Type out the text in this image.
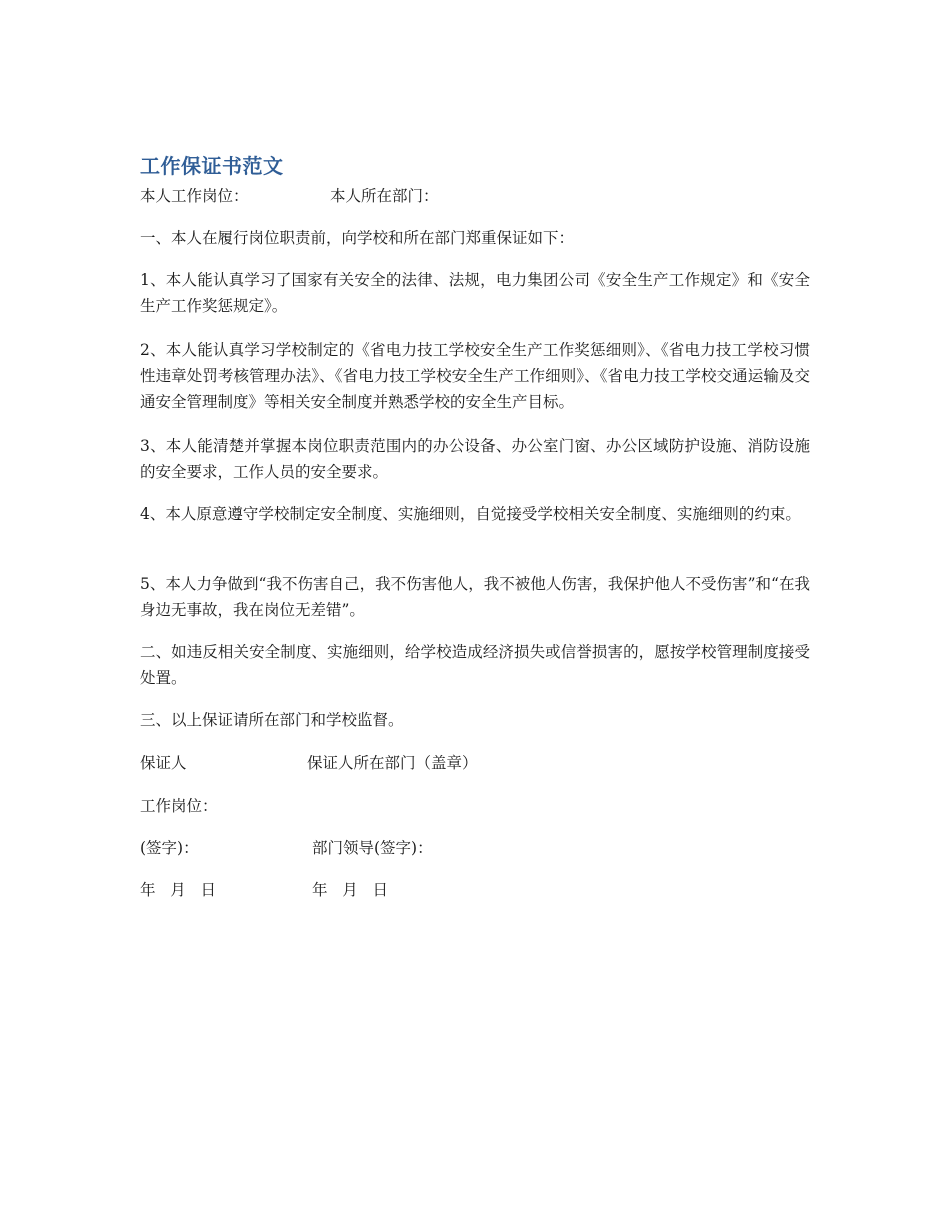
工作保证书范文
本人工作岗位：	本人所在部门：
一、本人在履行岗位职责前，向学校和所在部门郑重保证如下：
1、本人能认真学习了国家有关安全的法律、法规，电力集团公司《安全生产工作规定》和《安全生产工作奖惩规定》。
2、本人能认真学习学校制定的《省电力技工学校安全生产工作奖惩细则》、《省电力技工学校习惯性违章处罚考核管理办法》、《省电力技工学校安全生产工作细则》、《省电力技工学校交通运输及交通安全管理制度》等相关安全制度并熟悉学校的安全生产目标。
3、本人能清楚并掌握本岗位职责范围内的办公设备、办公室门窗、办公区域防护设施、消防设施的安全要求，工作人员的安全要求。
4、本人原意遵守学校制定安全制度、实施细则，自觉接受学校相关安全制度、实施细则的约束。
5、本人力争做到“我不伤害自己，我不伤害他人，我不被他人伤害，我保护他人不受伤害”和“在我身边无事故，我在岗位无差错”。
二、如违反相关安全制度、实施细则，给学校造成经济损失或信誉损害的，愿按学校管理制度接受处置。
三、以上保证请所在部门和学校监督。
保证人	保证人所在部门（盖章）
工作岗位：
(签字)：	部门领导(签字)：
年   月   日	年   月   日
